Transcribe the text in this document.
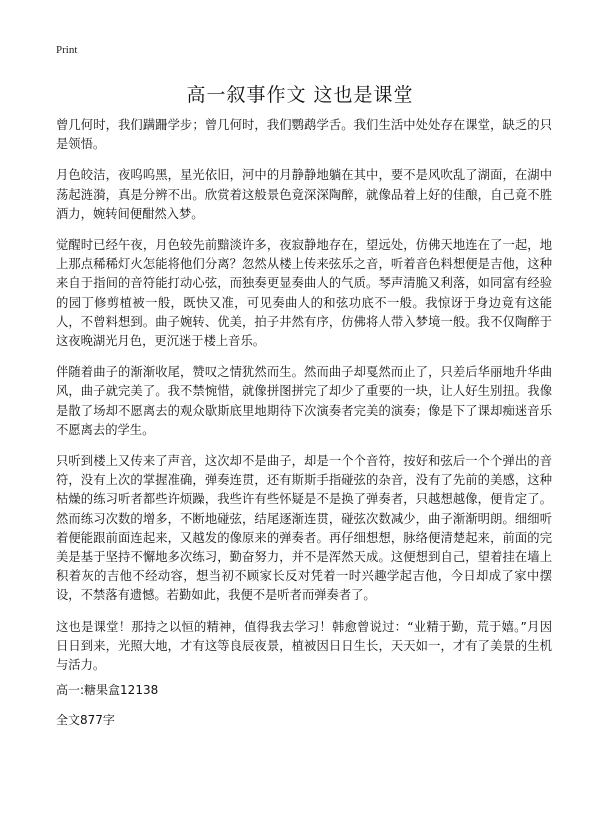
Print
高一叙事作文 这也是课堂

曾几何时，我们蹒跚学步；曾几何时，我们鹦鹉学舌。我们生活中处处存在课堂，缺乏的只是领悟。

月色皎洁，夜呜呜黑，星光依旧，河中的月静静地躺在其中，要不是风吹乱了湖面，在湖中荡起涟漪，真是分辨不出。欣赏着这般景色竟深深陶醉，就像品着上好的佳酿，自己竟不胜酒力，婉转间便酣然入梦。

觉醒时已经午夜，月色较先前黯淡许多，夜寂静地存在，望远处，仿佛天地连在了一起，地上那点稀稀灯火怎能将他们分离？忽然从楼上传来弦乐之音，听着音色料想便是吉他，这种来自于指间的音符能打动心弦，而独奏更显奏曲人的气质。琴声清脆又利落，如同富有经验的园丁修剪植被一般，既快又准，可见奏曲人的和弦功底不一般。我惊讶于身边竟有这能人，不曾料想到。曲子婉转、优美，拍子井然有序，仿佛将人带入梦境一般。我不仅陶醉于这夜晚湖光月色，更沉迷于楼上音乐。

伴随着曲子的渐渐收尾，赞叹之情犹然而生。然而曲子却戛然而止了，只差后华丽地升华曲风，曲子就完美了。我不禁惋惜，就像拼图拼完了却少了重要的一块，让人好生别扭。我像是散了场却不愿离去的观众歇斯底里地期待下次演奏者完美的演奏；像是下了课却痴迷音乐不愿离去的学生。

只听到楼上又传来了声音，这次却不是曲子，却是一个个音符，按好和弦后一个个弹出的音符，没有上次的掌握准确，弹奏连贯，还有斯斯手指碰弦的杂音，没有了先前的美感，这种枯燥的练习听者都些许烦躁，我些许有些怀疑是不是换了弹奏者，只越想越像，便肯定了。然而练习次数的增多，不断地碰弦，结尾逐渐连贯，碰弦次数减少，曲子渐渐明朗。细细听着便能跟前面连起来，又越发的像原来的弹奏者。再仔细想想，脉络便清楚起来，前面的完美是基于坚持不懈地多次练习，勤奋努力，并不是浑然天成。这便想到自己，望着挂在墙上积着灰的吉他不经动容，想当初不顾家长反对凭着一时兴趣学起吉他，今日却成了家中摆设，不禁落有遗憾。若勤如此，我便不是听者而弹奏者了。

这也是课堂！那持之以恒的精神，值得我去学习！韩愈曾说过：“业精于勤，荒于嬉。”月因日日到来，光照大地，才有这等良辰夜景，植被因日日生长，天天如一，才有了美景的生机与活力。

高一:糖果盒12138

全文877字
